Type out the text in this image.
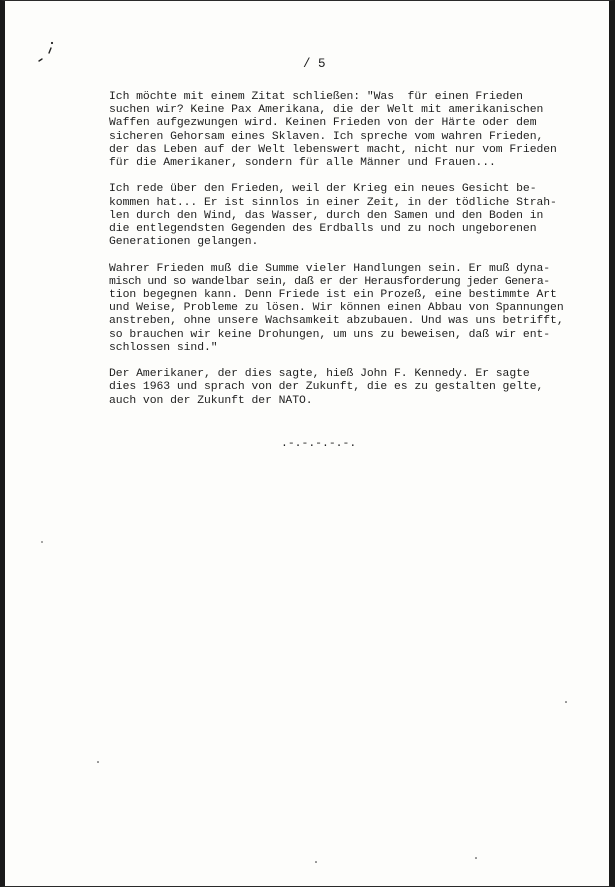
/ 5

Ich möchte mit einem Zitat schließen: "Was  für einen Frieden
suchen wir? Keine Pax Amerikana, die der Welt mit amerikanischen
Waffen aufgezwungen wird. Keinen Frieden von der Härte oder dem
sicheren Gehorsam eines Sklaven. Ich spreche vom wahren Frieden,
der das Leben auf der Welt lebenswert macht, nicht nur vom Frieden
für die Amerikaner, sondern für alle Männer und Frauen...

Ich rede über den Frieden, weil der Krieg ein neues Gesicht be-
kommen hat... Er ist sinnlos in einer Zeit, in der tödliche Strah-
len durch den Wind, das Wasser, durch den Samen und den Boden in
die entlegendsten Gegenden des Erdballs und zu noch ungeborenen
Generationen gelangen.

Wahrer Frieden muß die Summe vieler Handlungen sein. Er muß dyna-
misch und so wandelbar sein, daß er der Herausforderung jeder Genera-
tion begegnen kann. Denn Friede ist ein Prozeß, eine bestimmte Art
und Weise, Probleme zu lösen. Wir können einen Abbau von Spannungen
anstreben, ohne unsere Wachsamkeit abzubauen. Und was uns betrifft,
so brauchen wir keine Drohungen, um uns zu beweisen, daß wir ent-
schlossen sind."

Der Amerikaner, der dies sagte, hieß John F. Kennedy. Er sagte
dies 1963 und sprach von der Zukunft, die es zu gestalten gelte,
auch von der Zukunft der NATO.

.-.-.-.-.-.
